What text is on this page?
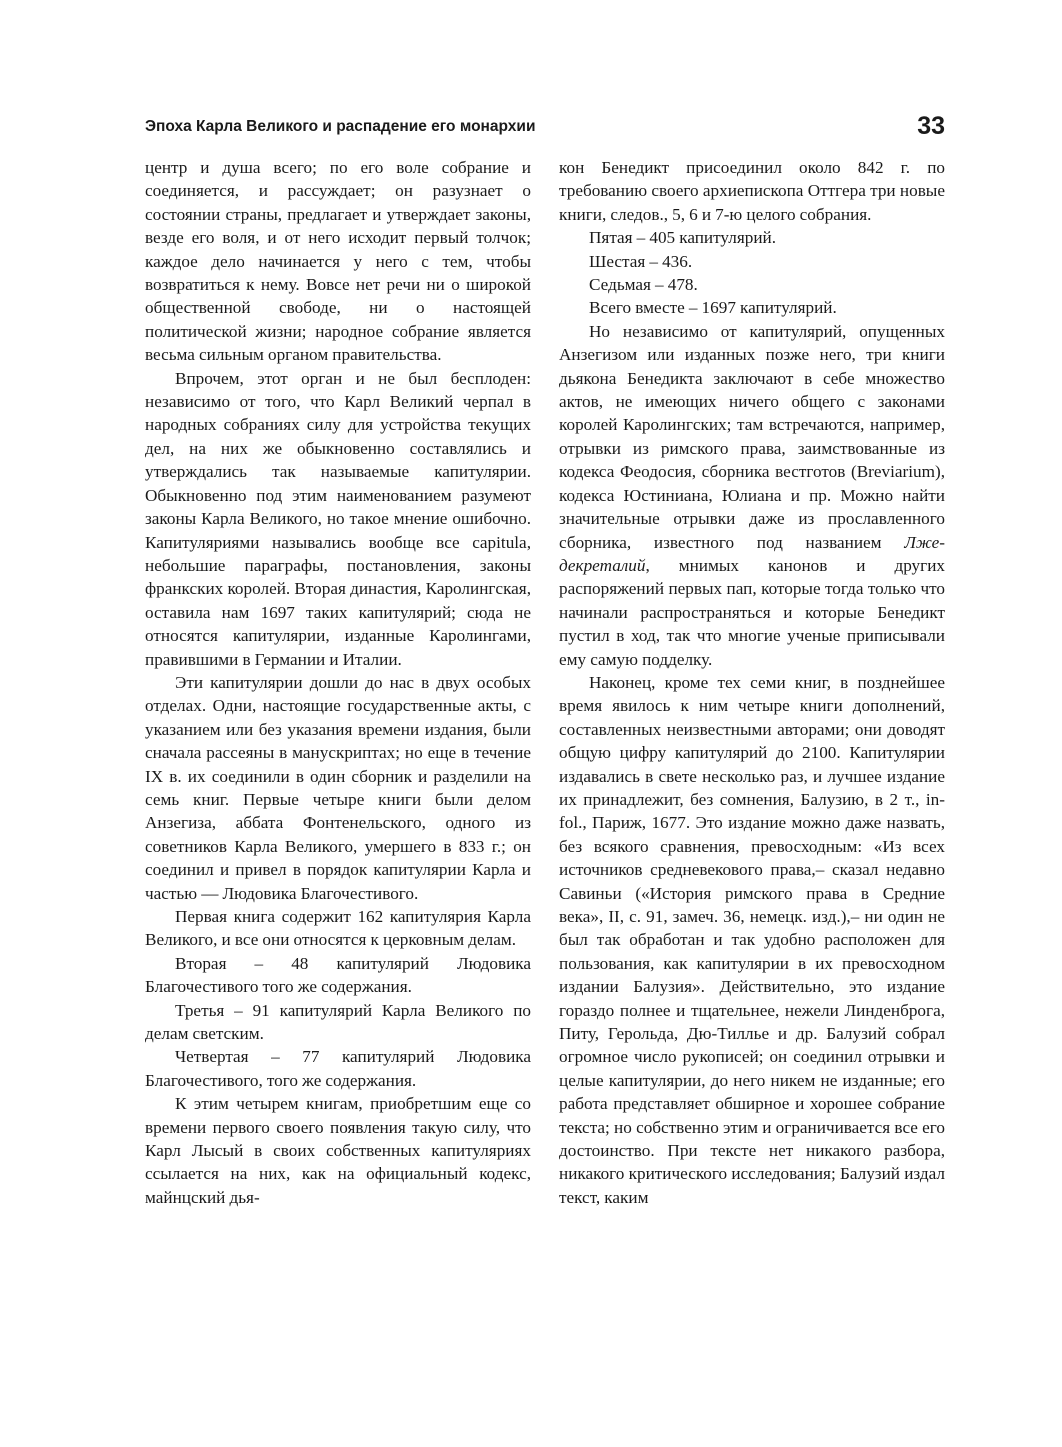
Эпоха Карла Великого и распадение его монархии	33

центр и душа всего; по его воле собрание и соединяется, и рассуждает; он разузнает о состоянии страны, предлагает и утверждает законы, везде его воля, и от него исходит первый толчок; каждое дело начинается у него с тем, чтобы возвратиться к нему. Вовсе нет речи ни о широкой общественной свободе, ни о настоящей политической жизни; народное собрание является весьма сильным органом правительства.

Впрочем, этот орган и не был бесплоден: независимо от того, что Карл Великий черпал в народных собраниях силу для устройства текущих дел, на них же обыкновенно составлялись и утверждались так называемые капитулярии. Обыкновенно под этим наименованием разумеют законы Карла Великого, но такое мнение ошибочно. Капитуляриями назывались вообще все capitula, небольшие параграфы, постановления, законы франкских королей. Вторая династия, Каролингская, оставила нам 1697 таких капитулярий; сюда не относятся капитулярии, изданные Каролингами, правившими в Германии и Италии.

Эти капитулярии дошли до нас в двух особых отделах. Одни, настоящие государственные акты, с указанием или без указания времени издания, были сначала рассеяны в манускриптах; но еще в течение IX в. их соединили в один сборник и разделили на семь книг. Первые четыре книги были делом Анзегиза, аббата Фонтенельского, одного из советников Карла Великого, умершего в 833 г.; он соединил и привел в порядок капитулярии Карла и частью — Людовика Благочестивого.

Первая книга содержит 162 капитулярия Карла Великого, и все они относятся к церковным делам.

Вторая – 48 капитулярий Людовика Благочестивого того же содержания.

Третья – 91 капитулярий Карла Великого по делам светским.

Четвертая – 77 капитулярий Людовика Благочестивого, того же содержания.

К этим четырем книгам, приобретшим еще со времени первого своего появления такую силу, что Карл Лысый в своих собственных капитуляриях ссылается на них, как на официальный кодекс, майнцский дья-

кон Бенедикт присоединил около 842 г. по требованию своего архиепископа Оттгера три новые книги, следов., 5, 6 и 7-ю целого собрания.

Пятая – 405 капитулярий.

Шестая – 436.

Седьмая – 478.

Всего вместе – 1697 капитулярий.

Но независимо от капитулярий, опущенных Анзегизом или изданных позже него, три книги дьякона Бенедикта заключают в себе множество актов, не имеющих ничего общего с законами королей Каролингских; там встречаются, например, отрывки из римского права, заимствованные из кодекса Феодосия, сборника вестготов (Breviarium), кодекса Юстиниана, Юлиана и пр. Можно найти значительные отрывки даже из прославленного сборника, известного под названием Лже-декреталий, мнимых канонов и других распоряжений первых пап, которые тогда только что начинали распространяться и которые Бенедикт пустил в ход, так что многие ученые приписывали ему самую подделку.

Наконец, кроме тех семи книг, в позднейшее время явилось к ним четыре книги дополнений, составленных неизвестными авторами; они доводят общую цифру капитулярий до 2100. Капитулярии издавались в свете несколько раз, и лучшее издание их принадлежит, без сомнения, Балузию, в 2 т., in-fol., Париж, 1677. Это издание можно даже назвать, без всякого сравнения, превосходным: «Из всех источников средневекового права,– сказал недавно Савиньи («История римского права в Средние века», II, с. 91, замеч. 36, немецк. изд.),– ни один не был так обработан и так удобно расположен для пользования, как капитулярии в их превосходном издании Балузия». Действительно, это издание гораздо полнее и тщательнее, нежели Линденброга, Питу, Герольда, Дю-Тиллье и др. Балузий собрал огромное число рукописей; он соединил отрывки и целые капитулярии, до него никем не изданные; его работа представляет обширное и хорошее собрание текста; но собственно этим и ограничивается все его достоинство. При тексте нет никакого разбора, никакого критического исследования; Балузий издал текст, каким
